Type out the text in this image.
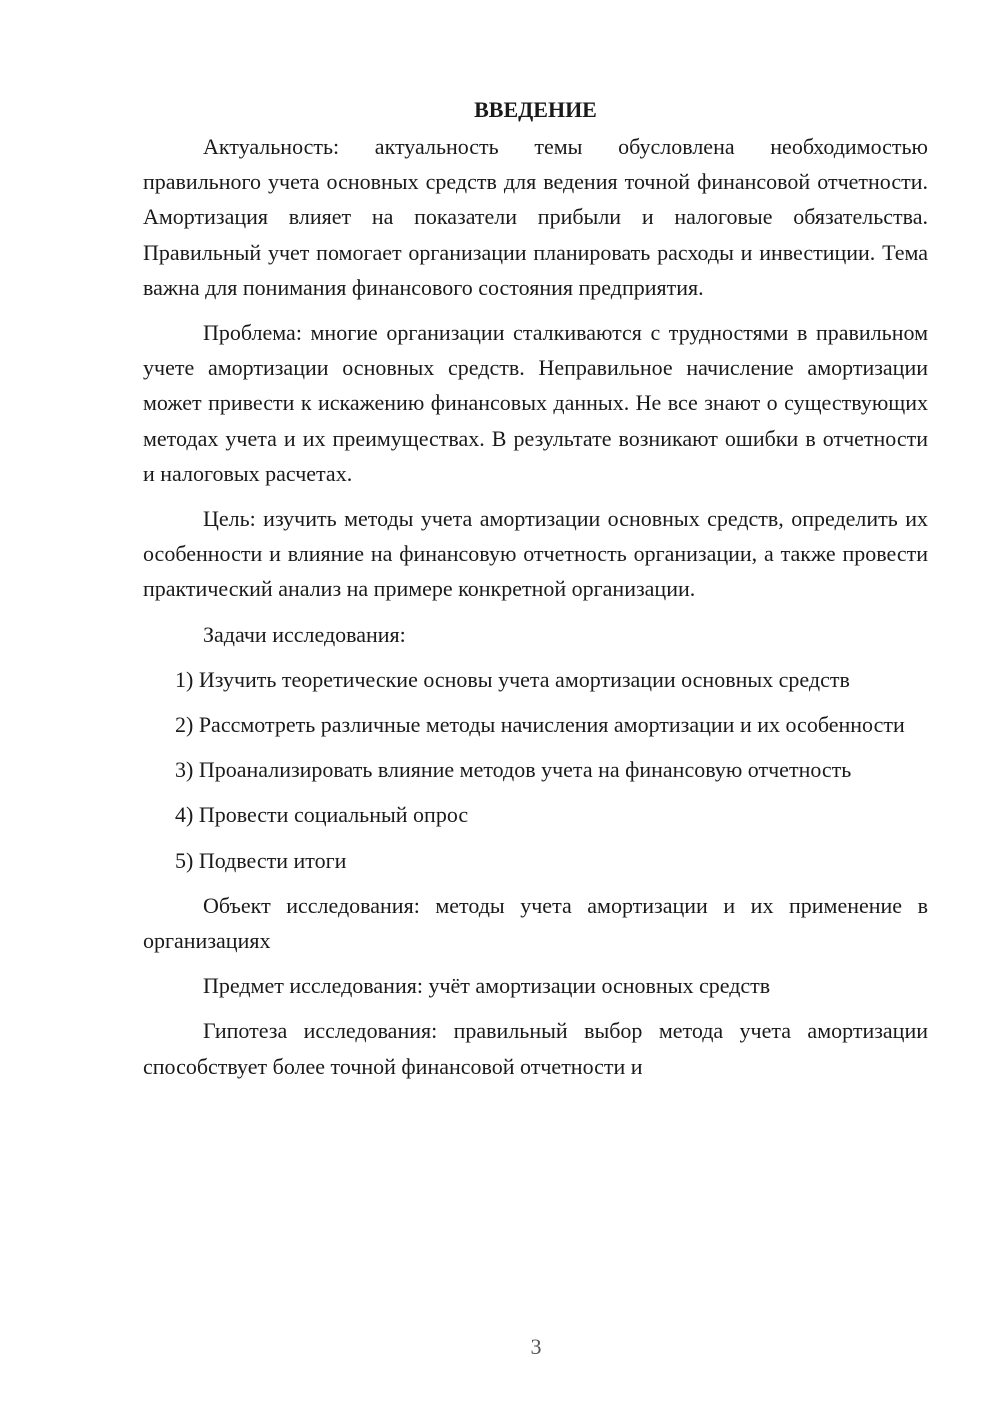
ВВЕДЕНИЕ

Актуальность: актуальность темы обусловлена необходимостью правильного учета основных средств для ведения точной финансовой отчетности. Амортизация влияет на показатели прибыли и налоговые обязательства. Правильный учет помогает организации планировать расходы и инвестиции. Тема важна для понимания финансового состояния предприятия.

Проблема: многие организации сталкиваются с трудностями в правильном учете амортизации основных средств. Неправильное начисление амортизации может привести к искажению финансовых данных. Не все знают о существующих методах учета и их преимуществах. В результате возникают ошибки в отчетности и налоговых расчетах.

Цель: изучить методы учета амортизации основных средств, определить их особенности и влияние на финансовую отчетность организации, а также провести практический анализ на примере конкретной организации.

Задачи исследования:

1) Изучить теоретические основы учета амортизации основных средств

2) Рассмотреть различные методы начисления амортизации и их особенности

3) Проанализировать влияние методов учета на финансовую отчетность

4) Провести социальный опрос

5) Подвести итоги

Объект исследования: методы учета амортизации и их применение в организациях

Предмет исследования: учёт амортизации основных средств

Гипотеза исследования: правильный выбор метода учета амортизации способствует более точной финансовой отчетности и

3
